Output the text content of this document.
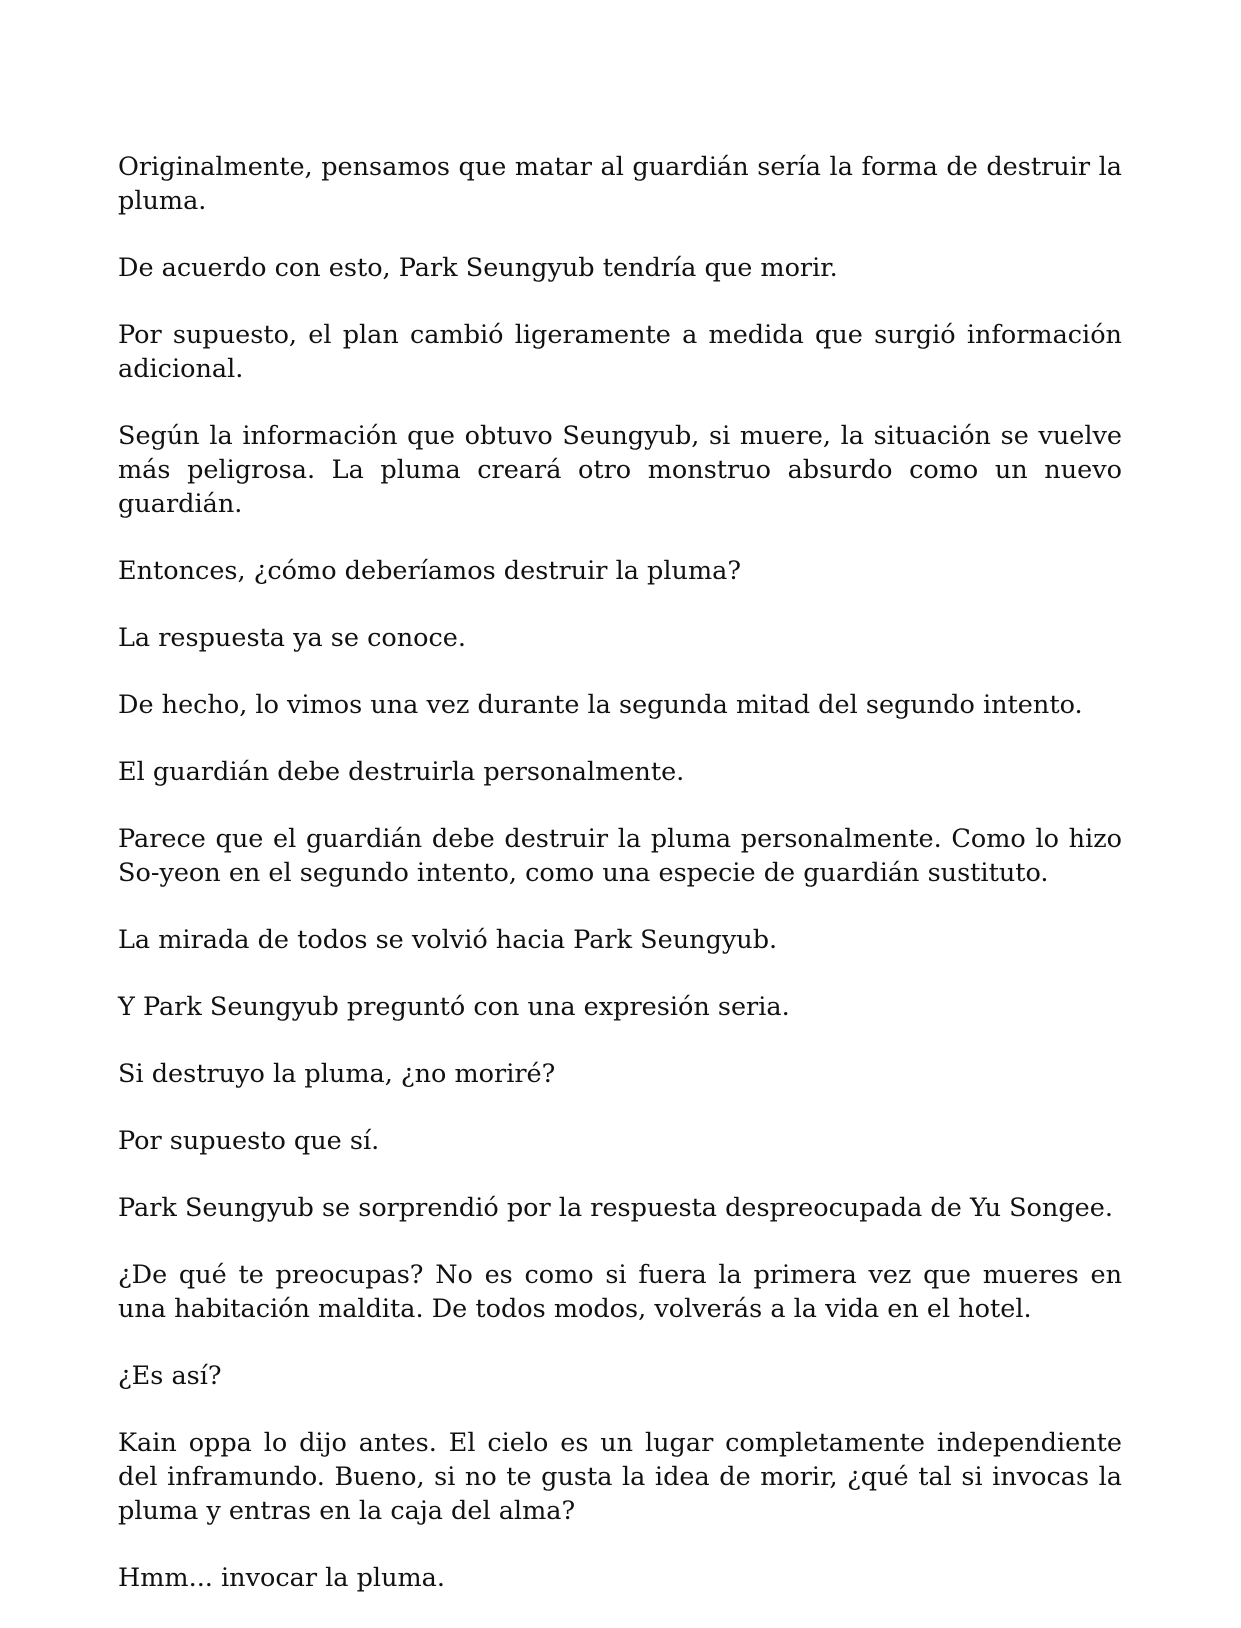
Originalmente, pensamos que matar al guardián sería la forma de destruir la pluma.

De acuerdo con esto, Park Seungyub tendría que morir.

Por supuesto, el plan cambió ligeramente a medida que surgió información adicional.

Según la información que obtuvo Seungyub, si muere, la situación se vuelve más peligrosa. La pluma creará otro monstruo absurdo como un nuevo guardián.

Entonces, ¿cómo deberíamos destruir la pluma?

La respuesta ya se conoce.

De hecho, lo vimos una vez durante la segunda mitad del segundo intento.

El guardián debe destruirla personalmente.

Parece que el guardián debe destruir la pluma personalmente. Como lo hizo So-yeon en el segundo intento, como una especie de guardián sustituto.

La mirada de todos se volvió hacia Park Seungyub.

Y Park Seungyub preguntó con una expresión seria.

Si destruyo la pluma, ¿no moriré?

Por supuesto que sí.

Park Seungyub se sorprendió por la respuesta despreocupada de Yu Songee.

¿De qué te preocupas? No es como si fuera la primera vez que mueres en una habitación maldita. De todos modos, volverás a la vida en el hotel.

¿Es así?

Kain oppa lo dijo antes. El cielo es un lugar completamente independiente del inframundo. Bueno, si no te gusta la idea de morir, ¿qué tal si invocas la pluma y entras en la caja del alma?

Hmm... invocar la pluma.
